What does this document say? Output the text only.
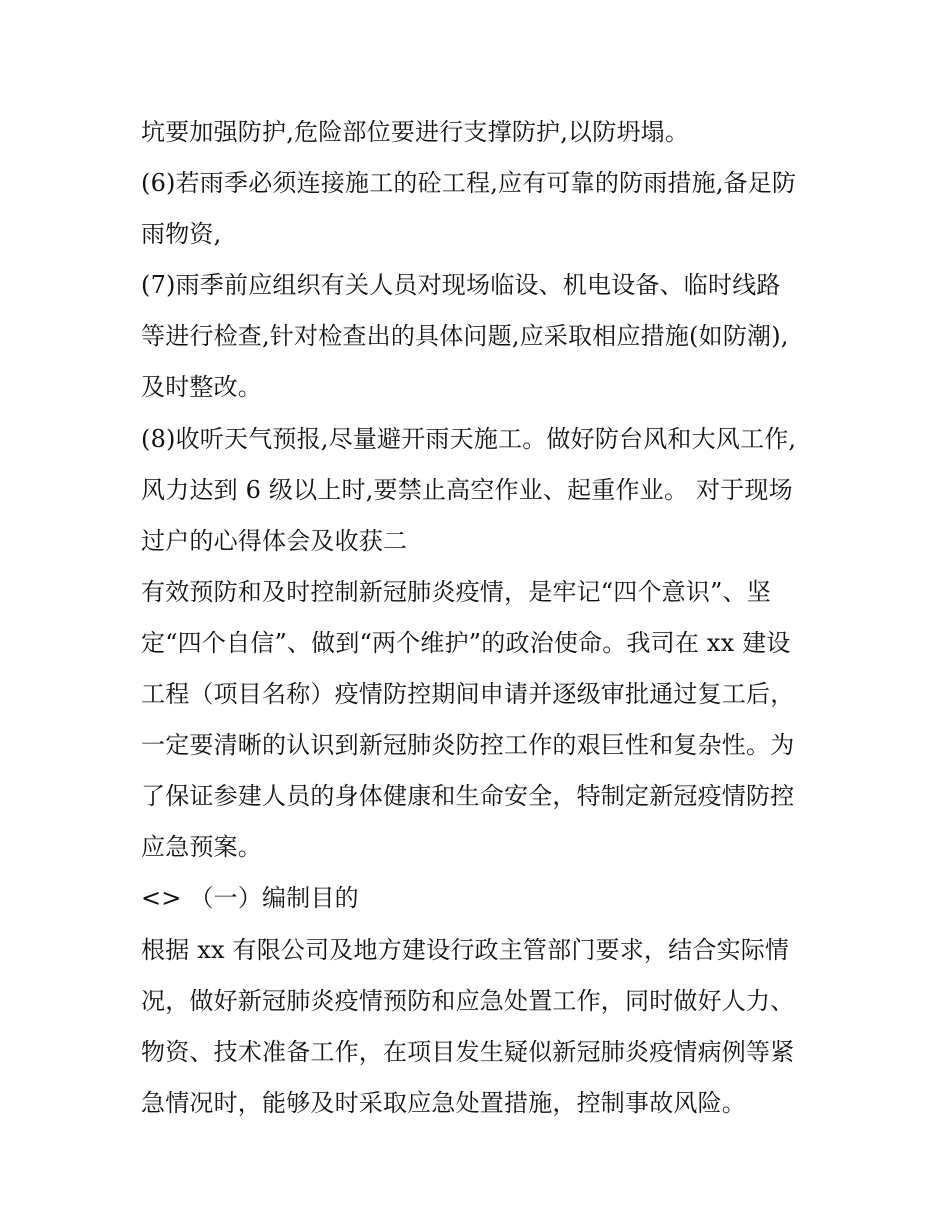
坑要加强防护,危险部位要进行支撑防护,以防坍塌。
(6)若雨季必须连接施工的砼工程,应有可靠的防雨措施,备足防
雨物资,
(7)雨季前应组织有关人员对现场临设、机电设备、临时线路
等进行检查,针对检查出的具体问题,应采取相应措施(如防潮),
及时整改。
(8)收听天气预报,尽量避开雨天施工。做好防台风和大风工作,
风力达到 6 级以上时,要禁止高空作业、起重作业。 对于现场
过户的心得体会及收获二
有效预防和及时控制新冠肺炎疫情，是牢记“四个意识”、坚
定“四个自信”、做到“两个维护”的政治使命。我司在 xx 建设
工程（项目名称）疫情防控期间申请并逐级审批通过复工后，
一定要清晰的认识到新冠肺炎防控工作的艰巨性和复杂性。为
了保证参建人员的身体健康和生命安全，特制定新冠疫情防控
应急预案。
<> （一）编制目的
根据 xx 有限公司及地方建设行政主管部门要求，结合实际情
况，做好新冠肺炎疫情预防和应急处置工作，同时做好人力、
物资、技术准备工作，在项目发生疑似新冠肺炎疫情病例等紧
急情况时，能够及时采取应急处置措施，控制事故风险。
